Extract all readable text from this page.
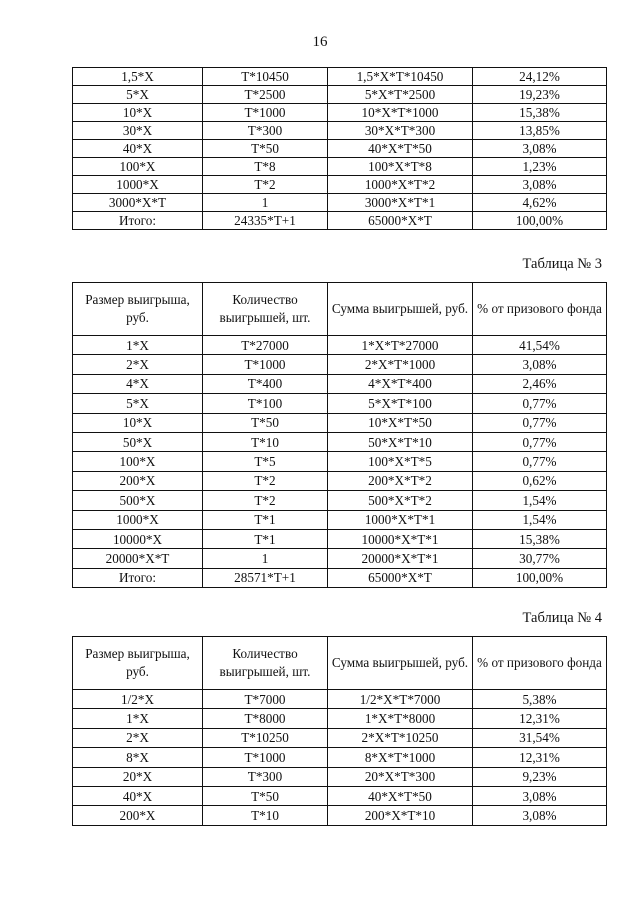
16
1,5*X	T*10450	1,5*X*T*10450	24,12%
5*X	T*2500	5*X*T*2500	19,23%
10*X	T*1000	10*X*T*1000	15,38%
30*X	T*300	30*X*T*300	13,85%
40*X	T*50	40*X*T*50	3,08%
100*X	T*8	100*X*T*8	1,23%
1000*X	T*2	1000*X*T*2	3,08%
3000*X*T	1	3000*X*T*1	4,62%
Итого:	24335*T+1	65000*X*T	100,00%
Таблица № 3
Размер выигрыша, руб.	Количество выигрышей, шт.	Сумма выигрышей, руб.	% от призового фонда
1*X	T*27000	1*X*T*27000	41,54%
2*X	T*1000	2*X*T*1000	3,08%
4*X	T*400	4*X*T*400	2,46%
5*X	T*100	5*X*T*100	0,77%
10*X	T*50	10*X*T*50	0,77%
50*X	T*10	50*X*T*10	0,77%
100*X	T*5	100*X*T*5	0,77%
200*X	T*2	200*X*T*2	0,62%
500*X	T*2	500*X*T*2	1,54%
1000*X	T*1	1000*X*T*1	1,54%
10000*X	T*1	10000*X*T*1	15,38%
20000*X*T	1	20000*X*T*1	30,77%
Итого:	28571*T+1	65000*X*T	100,00%
Таблица № 4
Размер выигрыша, руб.	Количество выигрышей, шт.	Сумма выигрышей, руб.	% от призового фонда
1/2*X	T*7000	1/2*X*T*7000	5,38%
1*X	T*8000	1*X*T*8000	12,31%
2*X	T*10250	2*X*T*10250	31,54%
8*X	T*1000	8*X*T*1000	12,31%
20*X	T*300	20*X*T*300	9,23%
40*X	T*50	40*X*T*50	3,08%
200*X	T*10	200*X*T*10	3,08%
